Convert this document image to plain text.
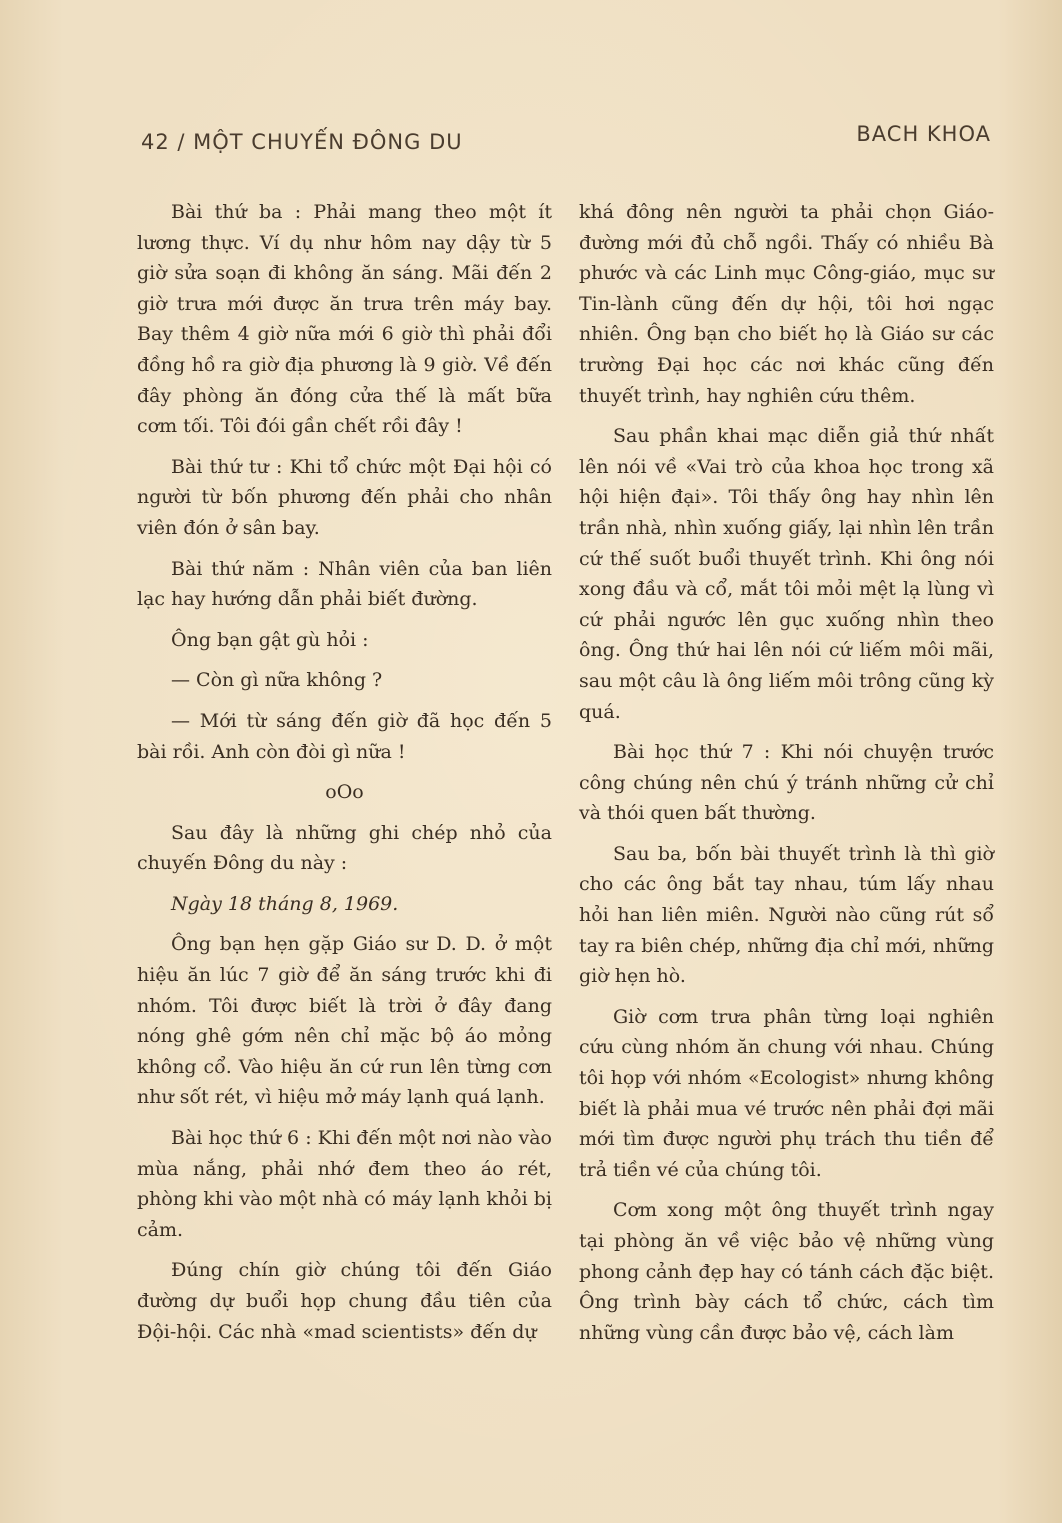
42 / MỘT CHUYẾN ĐÔNG DU	BACH KHOA

Bài thứ ba : Phải mang theo một ít lương thực. Ví dụ như hôm nay dậy từ 5 giờ sửa soạn đi không ăn sáng. Mãi đến 2 giờ trưa mới được ăn trưa trên máy bay. Bay thêm 4 giờ nữa mới 6 giờ thì phải đổi đồng hồ ra giờ địa phương là 9 giờ. Về đến đây phòng ăn đóng cửa thế là mất bữa cơm tối. Tôi đói gần chết rồi đây !

Bài thứ tư : Khi tổ chức một Đại hội có người từ bốn phương đến phải cho nhân viên đón ở sân bay.

Bài thứ năm : Nhân viên của ban liên lạc hay hướng dẫn phải biết đường.

Ông bạn gật gù hỏi :

— Còn gì nữa không ?

— Mới từ sáng đến giờ đã học đến 5 bài rồi. Anh còn đòi gì nữa !

oOo

Sau đây là những ghi chép nhỏ của chuyến Đông du này :

Ngày 18 tháng 8, 1969.

Ông bạn hẹn gặp Giáo sư D. D. ở một hiệu ăn lúc 7 giờ để ăn sáng trước khi đi nhóm. Tôi được biết là trời ở đây đang nóng ghê gớm nên chỉ mặc bộ áo mỏng không cổ. Vào hiệu ăn cứ run lên từng cơn như sốt rét, vì hiệu mở máy lạnh quá lạnh.

Bài học thứ 6 : Khi đến một nơi nào vào mùa nắng, phải nhớ đem theo áo rét, phòng khi vào một nhà có máy lạnh khỏi bị cảm.

Đúng chín giờ chúng tôi đến Giáo đường dự buổi họp chung đầu tiên của Đội-hội. Các nhà «mad scientists» đến dự

khá đông nên người ta phải chọn Giáo-đường mới đủ chỗ ngồi. Thấy có nhiều Bà phước và các Linh mục Công-giáo, mục sư Tin-lành cũng đến dự hội, tôi hơi ngạc nhiên. Ông bạn cho biết họ là Giáo sư các trường Đại học các nơi khác cũng đến thuyết trình, hay nghiên cứu thêm.

Sau phần khai mạc diễn giả thứ nhất lên nói về «Vai trò của khoa học trong xã hội hiện đại». Tôi thấy ông hay nhìn lên trần nhà, nhìn xuống giấy, lại nhìn lên trần cứ thế suốt buổi thuyết trình. Khi ông nói xong đầu và cổ, mắt tôi mỏi mệt lạ lùng vì cứ phải ngước lên gục xuống nhìn theo ông. Ông thứ hai lên nói cứ liếm môi mãi, sau một câu là ông liếm môi trông cũng kỳ quá.

Bài học thứ 7 : Khi nói chuyện trước công chúng nên chú ý tránh những cử chỉ và thói quen bất thường.

Sau ba, bốn bài thuyết trình là thì giờ cho các ông bắt tay nhau, túm lấy nhau hỏi han liên miên. Người nào cũng rút sổ tay ra biên chép, những địa chỉ mới, những giờ hẹn hò.

Giờ cơm trưa phân từng loại nghiên cứu cùng nhóm ăn chung với nhau. Chúng tôi họp với nhóm «Ecologist» nhưng không biết là phải mua vé trước nên phải đợi mãi mới tìm được người phụ trách thu tiền để trả tiền vé của chúng tôi.

Cơm xong một ông thuyết trình ngay tại phòng ăn về việc bảo vệ những vùng phong cảnh đẹp hay có tánh cách đặc biệt. Ông trình bày cách tổ chức, cách tìm những vùng cần được bảo vệ, cách làm
